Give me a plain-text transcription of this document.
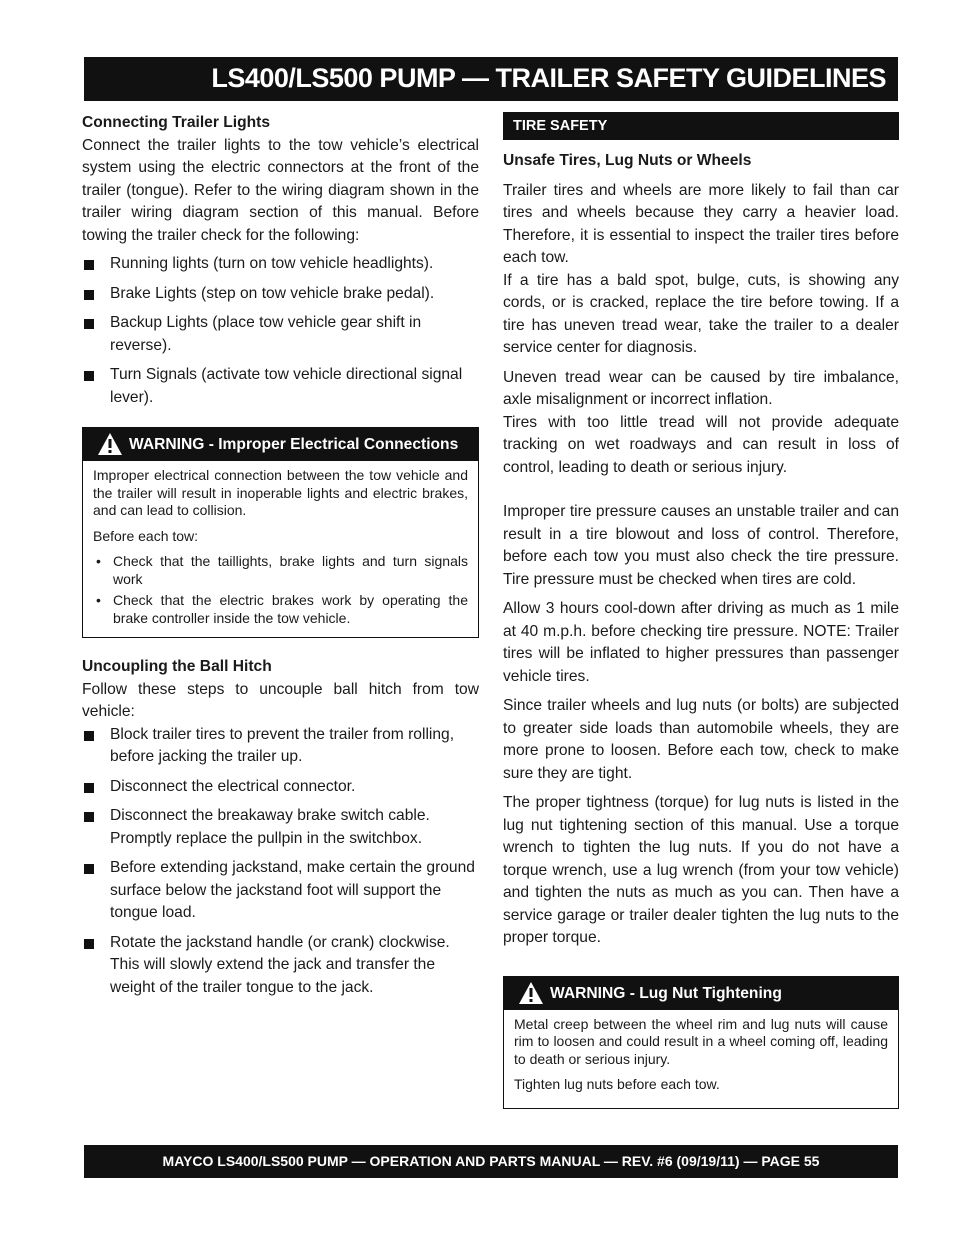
LS400/LS500 PUMP — TRAILER SAFETY GUIDELINES
Connecting Trailer Lights

Connect the trailer lights to the tow vehicle’s electrical system using the electric connectors at the front of the trailer (tongue). Refer to the wiring diagram shown in the trailer wiring diagram section of this manual. Before towing the trailer check for the following:

Running lights (turn on tow vehicle headlights).
Brake Lights (step on tow vehicle brake pedal).
Backup Lights (place tow vehicle gear shift in reverse).
Turn Signals (activate tow vehicle directional signal lever).
WARNING - Improper Electrical Connections

Improper electrical connection between the tow vehicle and the trailer will result in inoperable lights and electric brakes, and can lead to collision.

Before each tow:

• Check that the taillights, brake lights and turn signals work
• Check that the electric brakes work by operating the brake controller inside the tow vehicle.
Uncoupling the Ball Hitch

Follow these steps to uncouple ball hitch from tow vehicle:

Block trailer tires to prevent the trailer from rolling, before jacking the trailer up.
Disconnect the electrical connector.
Disconnect the breakaway brake switch cable. Promptly replace the pullpin in the switchbox.
Before extending jackstand, make certain the ground surface below the jackstand foot will support the tongue load.
Rotate the jackstand handle (or crank) clockwise. This will slowly extend the jack and transfer the weight of the trailer tongue to the jack.
TIRE SAFETY
Unsafe Tires, Lug Nuts or Wheels

Trailer tires and wheels are more likely to fail than car tires and wheels because they carry a heavier load. Therefore, it is essential to inspect the trailer tires before each tow.

If a tire has a bald spot, bulge, cuts, is showing any cords, or is cracked, replace the tire before towing. If a tire has uneven tread wear, take the trailer to a dealer service center for diagnosis.

Uneven tread wear can be caused by tire imbalance, axle misalignment or incorrect inflation.

Tires with too little tread will not provide adequate tracking on wet roadways and can result in loss of control, leading to death or serious injury.

Improper tire pressure causes an unstable trailer and can result in a tire blowout and loss of control. Therefore, before each tow you must also check the tire pressure. Tire pressure must be checked when tires are cold.

Allow 3 hours cool-down after driving as much as 1 mile at 40 m.p.h. before checking tire pressure. NOTE: Trailer tires will be inflated to higher pressures than passenger vehicle tires.

Since trailer wheels and lug nuts (or bolts) are subjected to greater side loads than automobile wheels, they are more prone to loosen. Before each tow, check to make sure they are tight.

The proper tightness (torque) for lug nuts is listed in the lug nut tightening section of this manual. Use a torque wrench to tighten the lug nuts. If you do not have a torque wrench, use a lug wrench (from your tow vehicle) and tighten the nuts as much as you can. Then have a service garage or trailer dealer tighten the lug nuts to the proper torque.

WARNING - Lug Nut Tightening

Metal creep between the wheel rim and lug nuts will cause rim to loosen and could result in a wheel coming off, leading to death or serious injury.

Tighten lug nuts before each tow.

MAYCO LS400/LS500 PUMP — OPERATION AND PARTS MANUAL — REV. #6 (09/19/11) — PAGE 55
